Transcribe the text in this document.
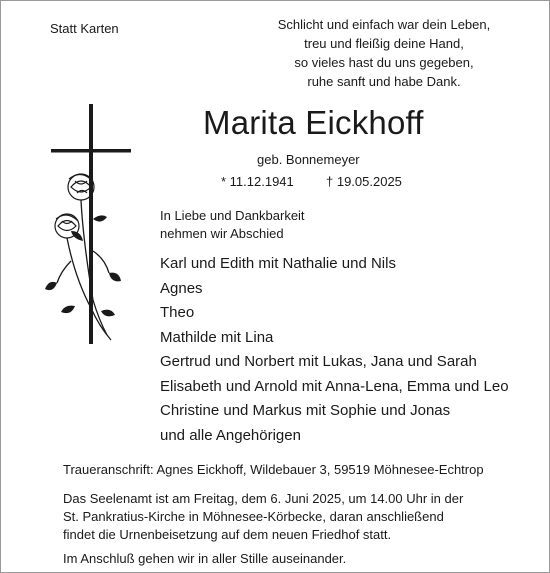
Statt Karten	Schlicht und einfach war dein Leben,
treu und fleißig deine Hand,
so vieles hast du uns gegeben,
ruhe sanft und habe Dank.
Marita Eickhoff
geb. Bonnemeyer
* 11.12.1941 † 19.05.2025
In Liebe und Dankbarkeit
nehmen wir Abschied
Karl und Edith mit Nathalie und Nils
Agnes
Theo
Mathilde mit Lina
Gertrud und Norbert mit Lukas, Jana und Sarah
Elisabeth und Arnold mit Anna-Lena, Emma und Leo
Christine und Markus mit Sophie und Jonas
und alle Angehörigen
Traueranschrift: Agnes Eickhoff, Wildebauer 3, 59519 Möhnesee-Echtrop
Das Seelenamt ist am Freitag, dem 6. Juni 2025, um 14.00 Uhr in der
St. Pankratius-Kirche in Möhnesee-Körbecke, daran anschließend
findet die Urnenbeisetzung auf dem neuen Friedhof statt.
Im Anschluß gehen wir in aller Stille auseinander.
